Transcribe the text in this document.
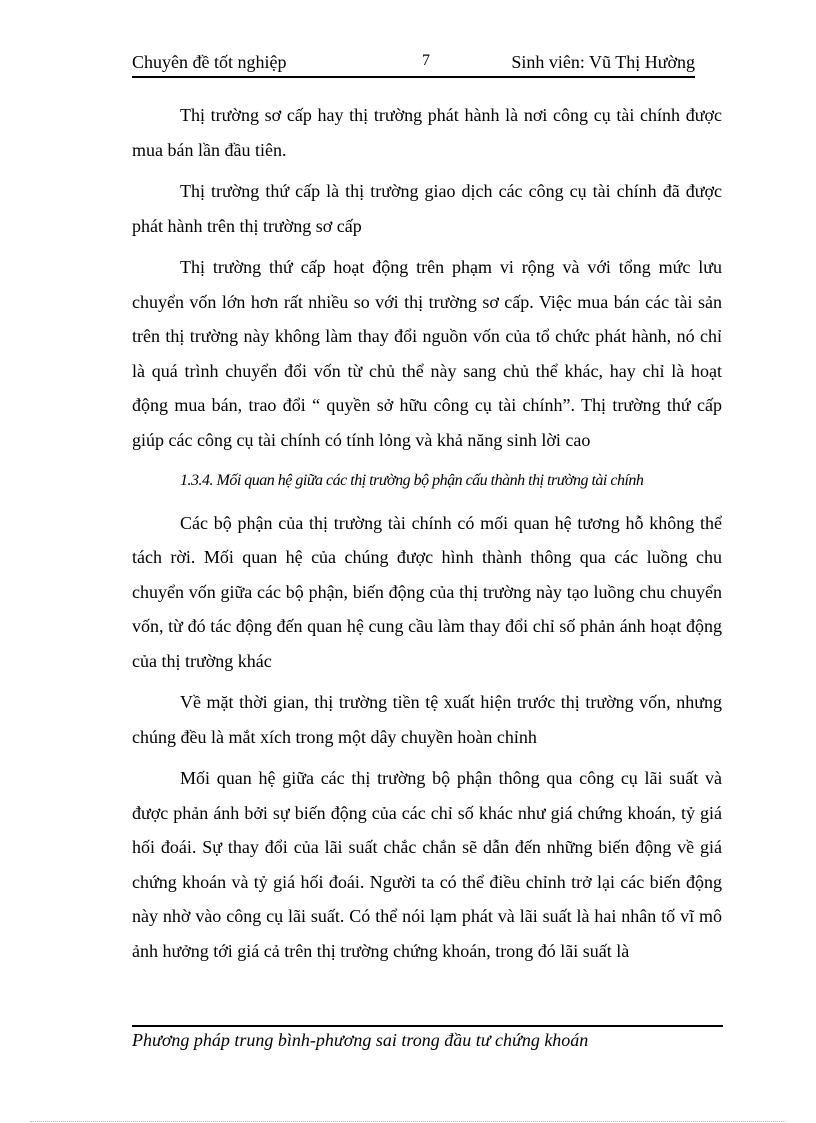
Chuyên đề tốt nghiệp	7	Sinh viên: Vũ Thị Hường

Thị trường sơ cấp hay thị trường phát hành là nơi công cụ tài chính được mua bán lần đầu tiên.

Thị trường thứ cấp là thị trường giao dịch các công cụ tài chính đã được phát hành trên thị trường sơ cấp

Thị trường thứ cấp hoạt động trên phạm vi rộng và với tổng mức lưu chuyển vốn lớn hơn rất nhiều so với thị trường sơ cấp. Việc mua bán các tài sản trên thị trường này không làm thay đổi nguồn vốn của tổ chức phát hành, nó chỉ là quá trình chuyển đổi vốn từ chủ thể này sang chủ thể khác, hay chỉ là hoạt động mua bán, trao đổi “ quyền sở hữu công cụ tài chính”. Thị trường thứ cấp giúp các công cụ tài chính có tính lỏng và khả năng sinh lời cao

1.3.4. Mối quan hệ giữa các thị trường bộ phận cấu thành thị trường tài chính

Các bộ phận của thị trường tài chính có mối quan hệ tương hỗ không thể tách rời. Mối quan hệ của chúng được hình thành thông qua các luồng chu chuyển vốn giữa các bộ phận, biến động của thị trường này tạo luồng chu chuyển vốn, từ đó tác động đến quan hệ cung cầu làm thay đổi chỉ số phản ánh hoạt động của thị trường khác

Về mặt thời gian, thị trường tiền tệ xuất hiện trước thị trường vốn, nhưng chúng đều là mắt xích trong một dây chuyền hoàn chỉnh

Mối quan hệ giữa các thị trường bộ phận thông qua công cụ lãi suất và được phản ánh bởi sự biến động của các chỉ số khác như giá chứng khoán, tỷ giá hối đoái. Sự thay đổi của lãi suất chắc chắn sẽ dẫn đến những biến động về giá chứng khoán và tỷ giá hối đoái. Người ta có thể điều chỉnh trở lại các biến động này nhờ vào công cụ lãi suất. Có thể nói lạm phát và lãi suất là hai nhân tố vĩ mô ảnh hưởng tới giá cả trên thị trường chứng khoán, trong đó lãi suất là

Phương pháp trung bình-phương sai trong đầu tư chứng khoán
